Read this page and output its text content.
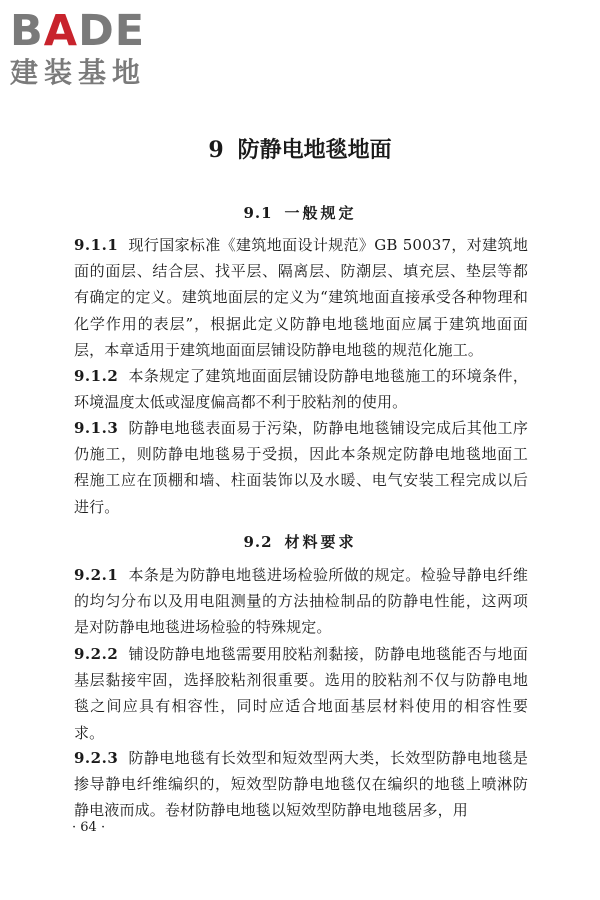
BADE
建装基地
9 防静电地毯地面
9.1 一般规定
9.1.1 现行国家标准《建筑地面设计规范》GB 50037，对建筑地面的面层、结合层、找平层、隔离层、防潮层、填充层、垫层等都有确定的定义。建筑地面层的定义为“建筑地面直接承受各种物理和化学作用的表层”，根据此定义防静电地毯地面应属于建筑地面面层，本章适用于建筑地面面层铺设防静电地毯的规范化施工。
9.1.2 本条规定了建筑地面面层铺设防静电地毯施工的环境条件，环境温度太低或湿度偏高都不利于胶粘剂的使用。
9.1.3 防静电地毯表面易于污染，防静电地毯铺设完成后其他工序仍施工，则防静电地毯易于受损，因此本条规定防静电地毯地面工程施工应在顶棚和墙、柱面装饰以及水暖、电气安装工程完成以后进行。
9.2 材料要求
9.2.1 本条是为防静电地毯进场检验所做的规定。检验导静电纤维的均匀分布以及用电阻测量的方法抽检制品的防静电性能，这两项是对防静电地毯进场检验的特殊规定。
9.2.2 铺设防静电地毯需要用胶粘剂黏接，防静电地毯能否与地面基层黏接牢固，选择胶粘剂很重要。选用的胶粘剂不仅与防静电地毯之间应具有相容性，同时应适合地面基层材料使用的相容性要求。
9.2.3 防静电地毯有长效型和短效型两大类，长效型防静电地毯是掺导静电纤维编织的，短效型防静电地毯仅在编织的地毯上喷淋防静电液而成。卷材防静电地毯以短效型防静电地毯居多，用
· 64 ·
